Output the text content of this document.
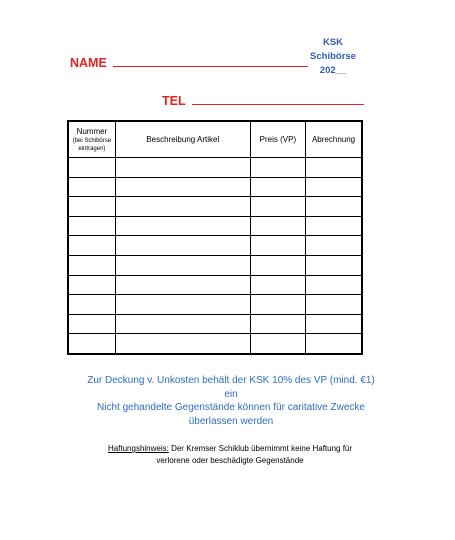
KSK
Schibörse
202__
NAME
TEL
Nummer
(bei Schibörse
eintragen)	Beschreibung Artikel	Preis (VP)	Abrechnung

Zur Deckung v. Unkosten behält der KSK 10% des VP (mind. €1)
ein
Nicht gehandelte Gegenstände können für caritative Zwecke
überlassen werden
Haftungshinweis: Der Kremser Schiklub übernimmt keine Haftung für
verlorene oder beschädigte Gegenstände
